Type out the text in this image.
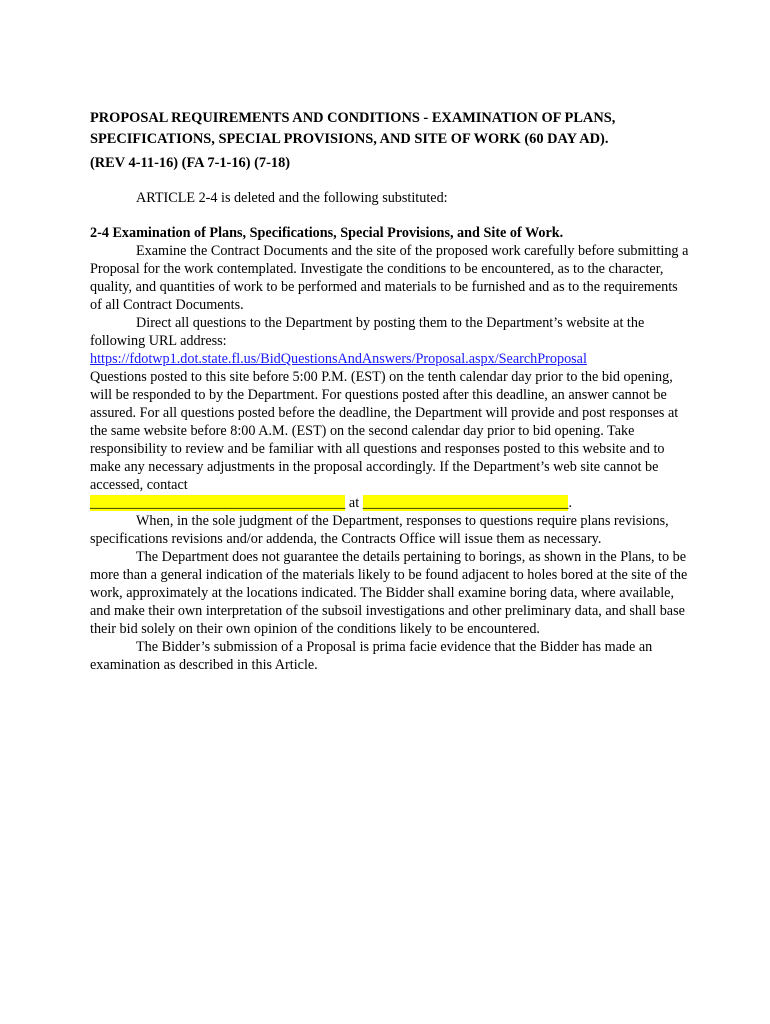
PROPOSAL REQUIREMENTS AND CONDITIONS - EXAMINATION OF PLANS,

SPECIFICATIONS, SPECIAL PROVISIONS, AND SITE OF WORK (60 DAY AD).

(REV 4-11-16) (FA 7-1-16) (7-18)

ARTICLE 2-4 is deleted and the following substituted:

2-4 Examination of Plans, Specifications, Special Provisions, and Site of Work.

Examine the Contract Documents and the site of the proposed work carefully before submitting a Proposal for the work contemplated. Investigate the conditions to be encountered, as to the character, quality, and quantities of work to be performed and materials to be furnished and as to the requirements of all Contract Documents.

Direct all questions to the Department by posting them to the Department’s website at the following URL address:

https://fdotwp1.dot.state.fl.us/BidQuestionsAndAnswers/Proposal.aspx/SearchProposal

Questions posted to this site before 5:00 P.M. (EST) on the tenth calendar day prior to the bid opening, will be responded to by the Department. For questions posted after this deadline, an answer cannot be assured. For all questions posted before the deadline, the Department will provide and post responses at the same website before 8:00 A.M. (EST) on the second calendar day prior to bid opening. Take responsibility to review and be familiar with all questions and responses posted to this website and to make any necessary adjustments in the proposal accordingly. If the Department’s web site cannot be accessed, contact

____________________________________ at _____________________________.

When, in the sole judgment of the Department, responses to questions require plans revisions, specifications revisions and/or addenda, the Contracts Office will issue them as necessary.

The Department does not guarantee the details pertaining to borings, as shown in the Plans, to be more than a general indication of the materials likely to be found adjacent to holes bored at the site of the work, approximately at the locations indicated. The Bidder shall examine boring data, where available, and make their own interpretation of the subsoil investigations and other preliminary data, and shall base their bid solely on their own opinion of the conditions likely to be encountered.

The Bidder’s submission of a Proposal is prima facie evidence that the Bidder has made an examination as described in this Article.
